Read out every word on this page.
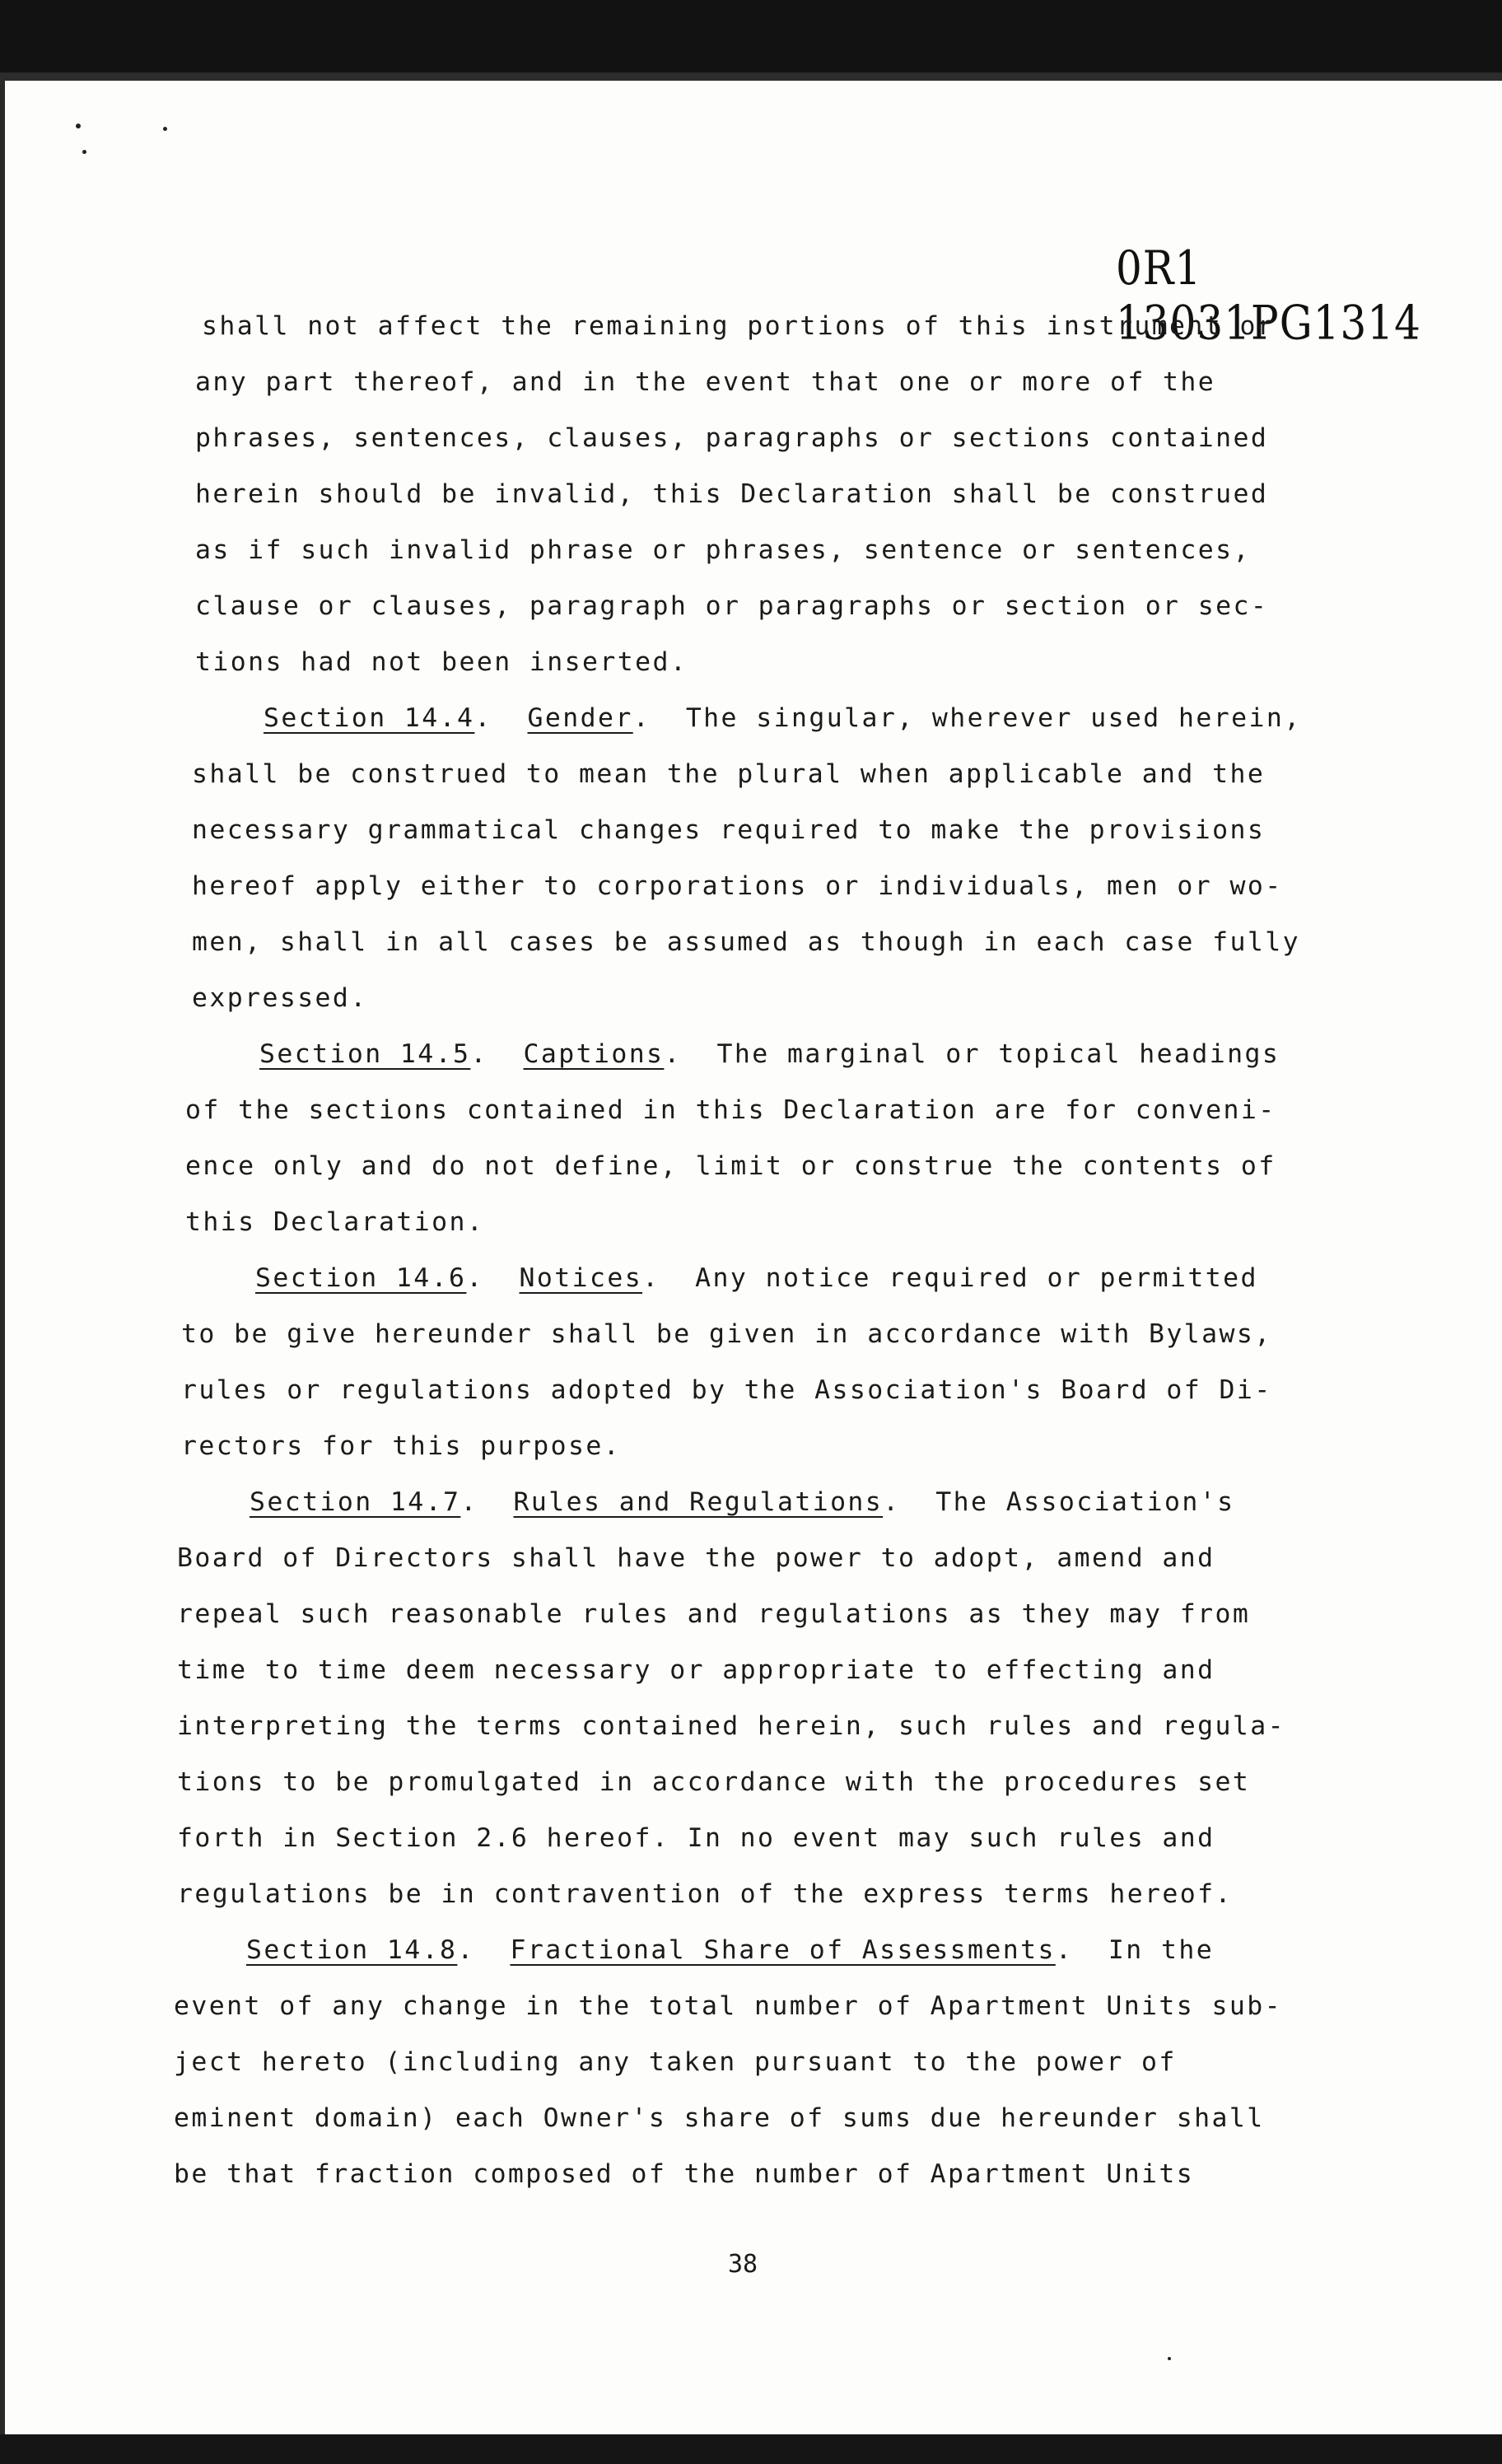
0R1 13031PG1314
shall not affect the remaining portions of this instrument or
any part thereof, and in the event that one or more of the
phrases, sentences, clauses, paragraphs or sections contained
herein should be invalid, this Declaration shall be construed
as if such invalid phrase or phrases, sentence or sentences,
clause or clauses, paragraph or paragraphs or section or sec-
tions had not been inserted.
Section 14.4.  Gender.  The singular, wherever used herein,
shall be construed to mean the plural when applicable and the
necessary grammatical changes required to make the provisions
hereof apply either to corporations or individuals, men or wo-
men, shall in all cases be assumed as though in each case fully
expressed.
Section 14.5.  Captions.  The marginal or topical headings
of the sections contained in this Declaration are for conveni-
ence only and do not define, limit or construe the contents of
this Declaration.
Section 14.6.  Notices.  Any notice required or permitted
to be give hereunder shall be given in accordance with Bylaws,
rules or regulations adopted by the Association's Board of Di-
rectors for this purpose.
Section 14.7.  Rules and Regulations.  The Association's
Board of Directors shall have the power to adopt, amend and
repeal such reasonable rules and regulations as they may from
time to time deem necessary or appropriate to effecting and
interpreting the terms contained herein, such rules and regula-
tions to be promulgated in accordance with the procedures set
forth in Section 2.6 hereof. In no event may such rules and
regulations be in contravention of the express terms hereof.
Section 14.8.  Fractional Share of Assessments.  In the
event of any change in the total number of Apartment Units sub-
ject hereto (including any taken pursuant to the power of
eminent domain) each Owner's share of sums due hereunder shall
be that fraction composed of the number of Apartment Units
38
